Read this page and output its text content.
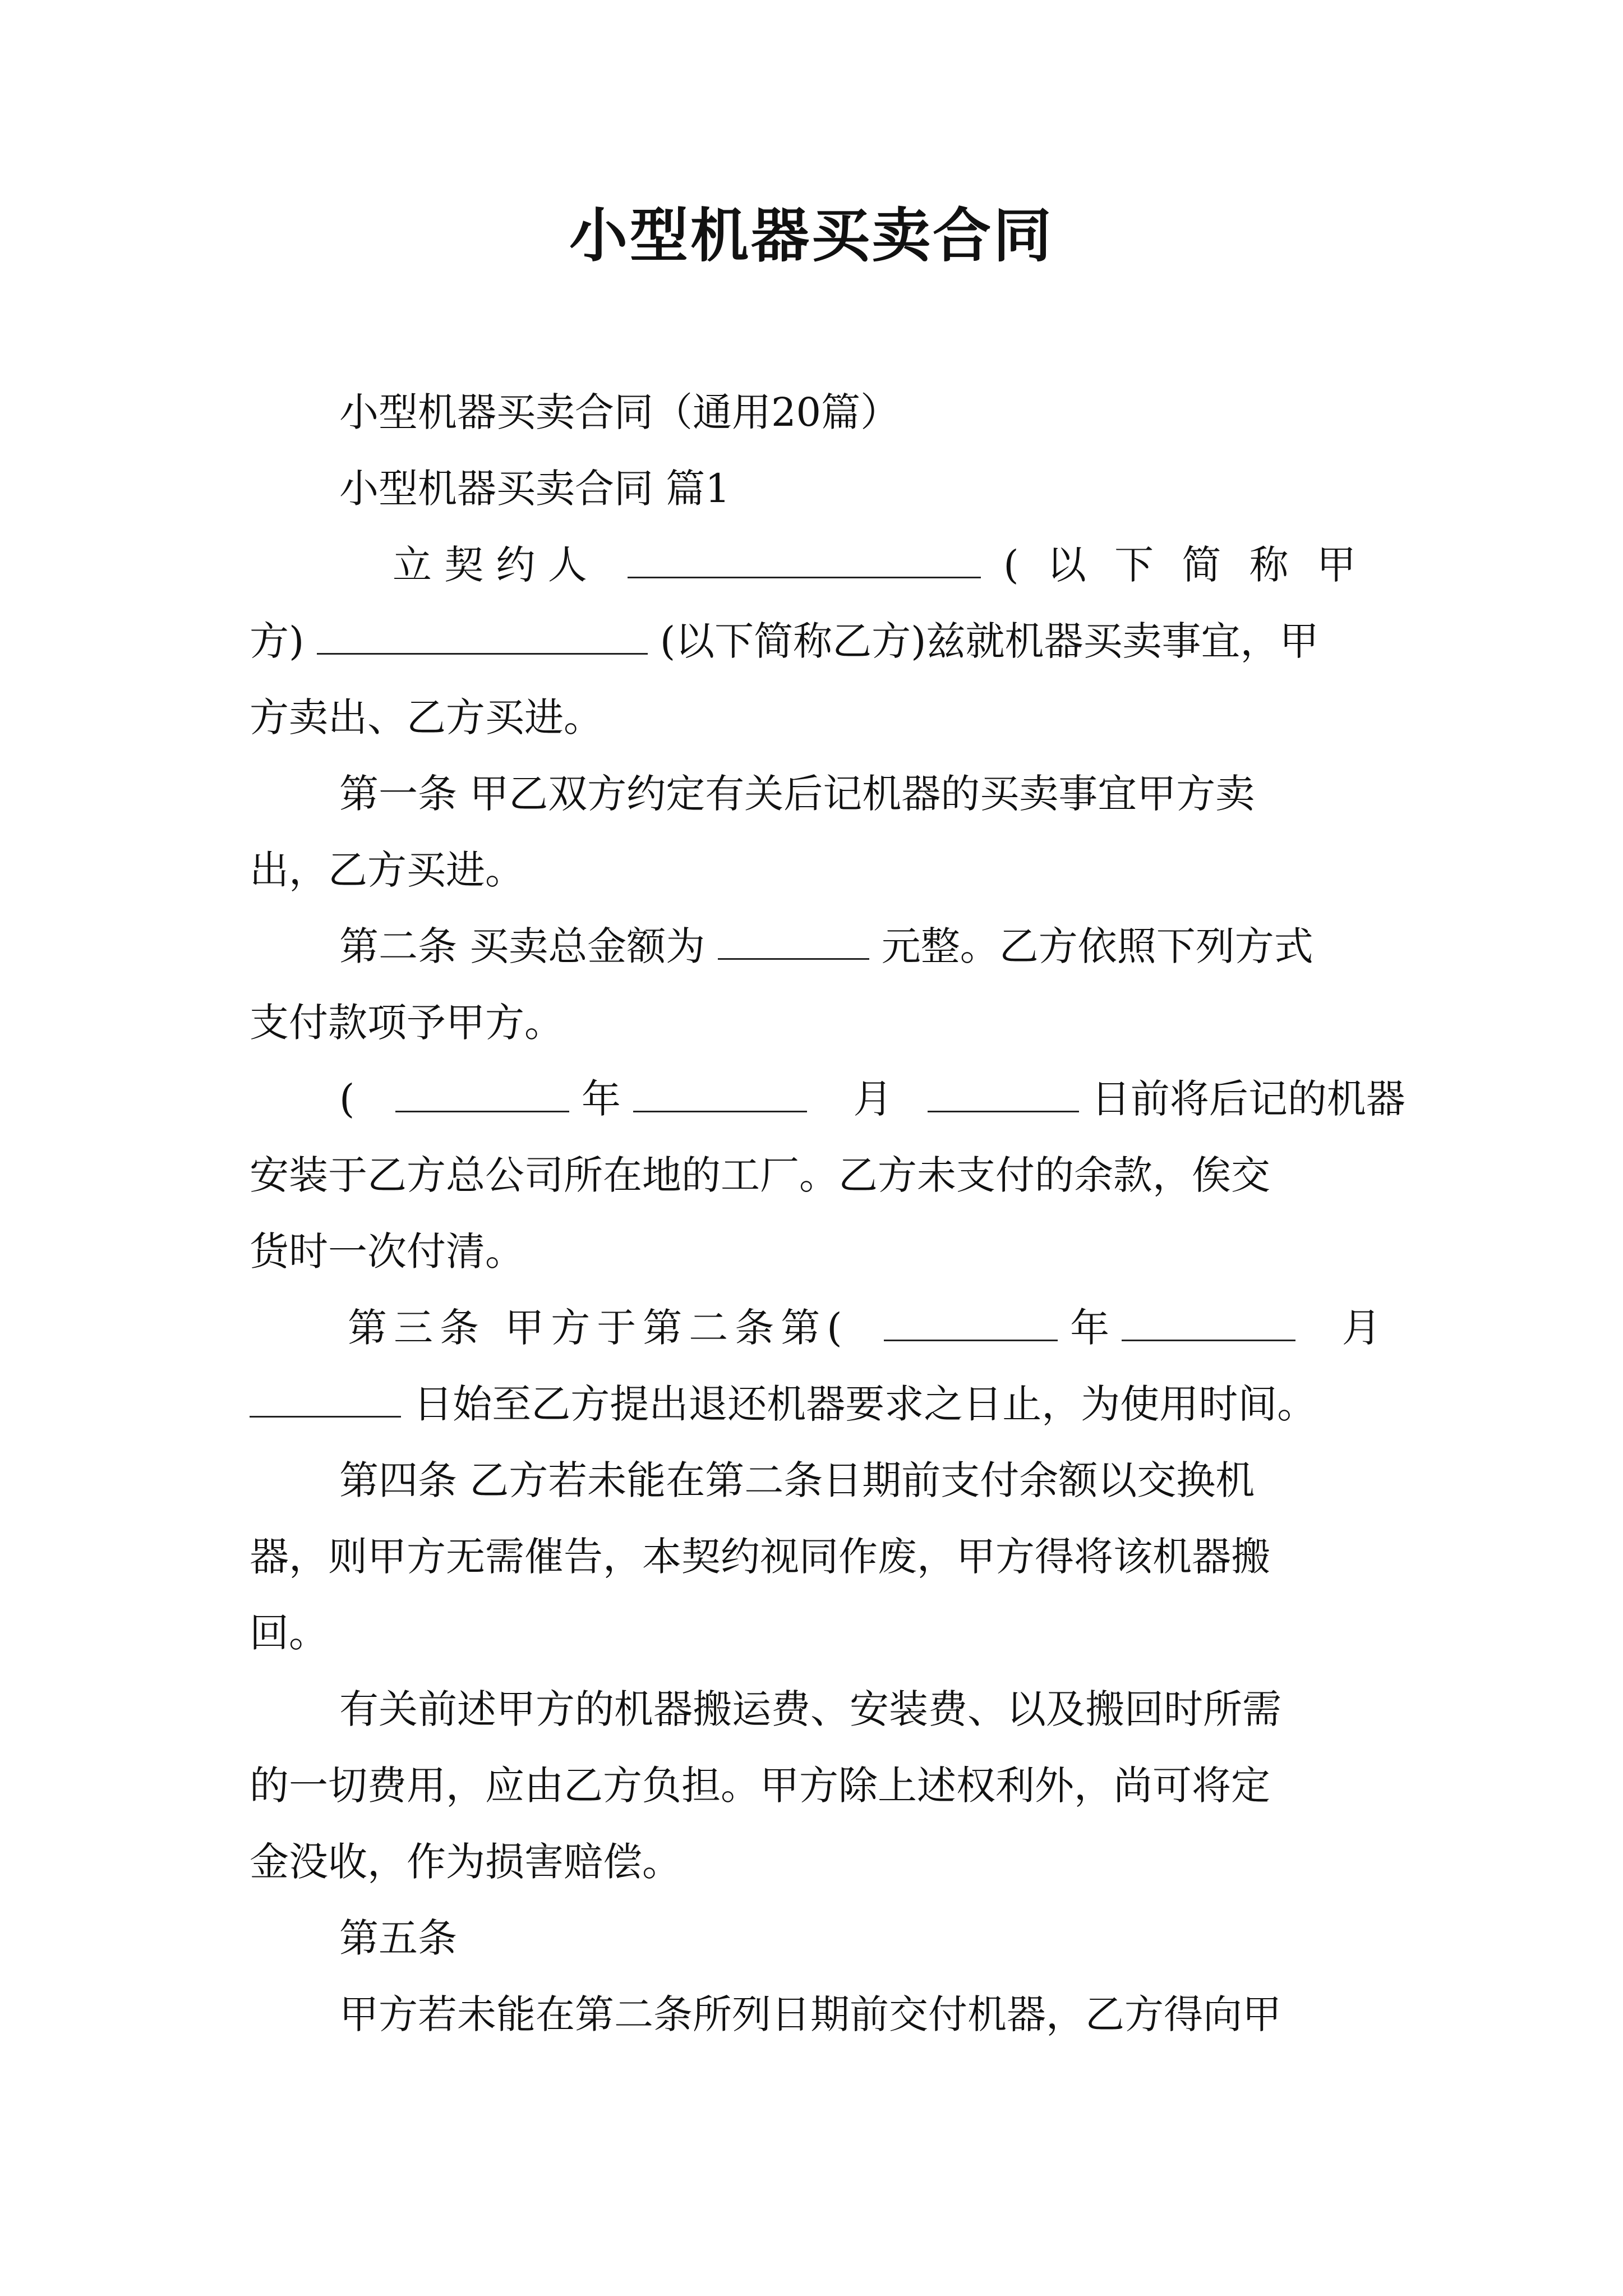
小型机器买卖合同
小型机器买卖合同（通用20篇）
小型机器买卖合同 篇1
立 契 约 人	( 以 下 简 称 甲
方)	(以下简称乙方)兹就机器买卖事宜，甲
方卖出、乙方买进。
第一条 甲乙双方约定有关后记机器的买卖事宜甲方卖
出，乙方买进。
第二条 买卖总金额为	元整。乙方依照下列方式
支付款项予甲方。
(	年	月	日前将后记的机器
安装于乙方总公司所在地的工厂。乙方未支付的余款，俟交
货时一次付清。
第三条 甲方于第二条第(	年	月
日始至乙方提出退还机器要求之日止，为使用时间。
第四条 乙方若未能在第二条日期前支付余额以交换机
器，则甲方无需催告，本契约视同作废，甲方得将该机器搬
回。
有关前述甲方的机器搬运费、安装费、以及搬回时所需
的一切费用，应由乙方负担。甲方除上述权利外，尚可将定
金没收，作为损害赔偿。
第五条
甲方若未能在第二条所列日期前交付机器，乙方得向甲
